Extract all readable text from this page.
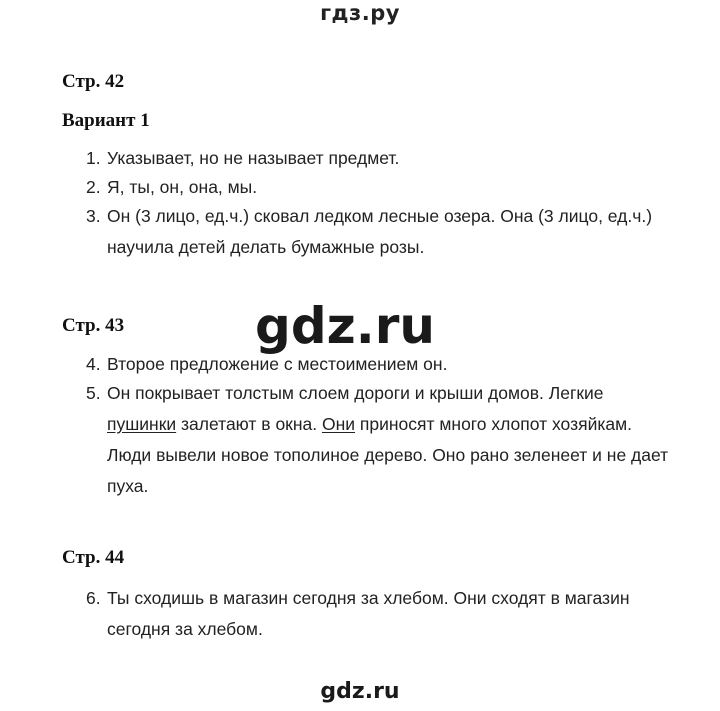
гдз.ру
Стр. 42
Вариант 1
1. Указывает, но не называет предмет.
2. Я, ты, он, она, мы.
3. Он (3 лицо, ед.ч.) сковал ледком лесные озера. Она (3 лицо, ед.ч.)
научила детей делать бумажные розы.
gdz.ru
Стр. 43
4. Второе предложение с местоимением он.
5. Он покрывает толстым слоем дороги и крыши домов. Легкие
пушинки залетают в окна. Они приносят много хлопот хозяйкам.
Люди вывели новое тополиное дерево. Оно рано зеленеет и не дает
пуха.
Стр. 44
6. Ты сходишь в магазин сегодня за хлебом. Они сходят в магазин
сегодня за хлебом.
gdz.ru
